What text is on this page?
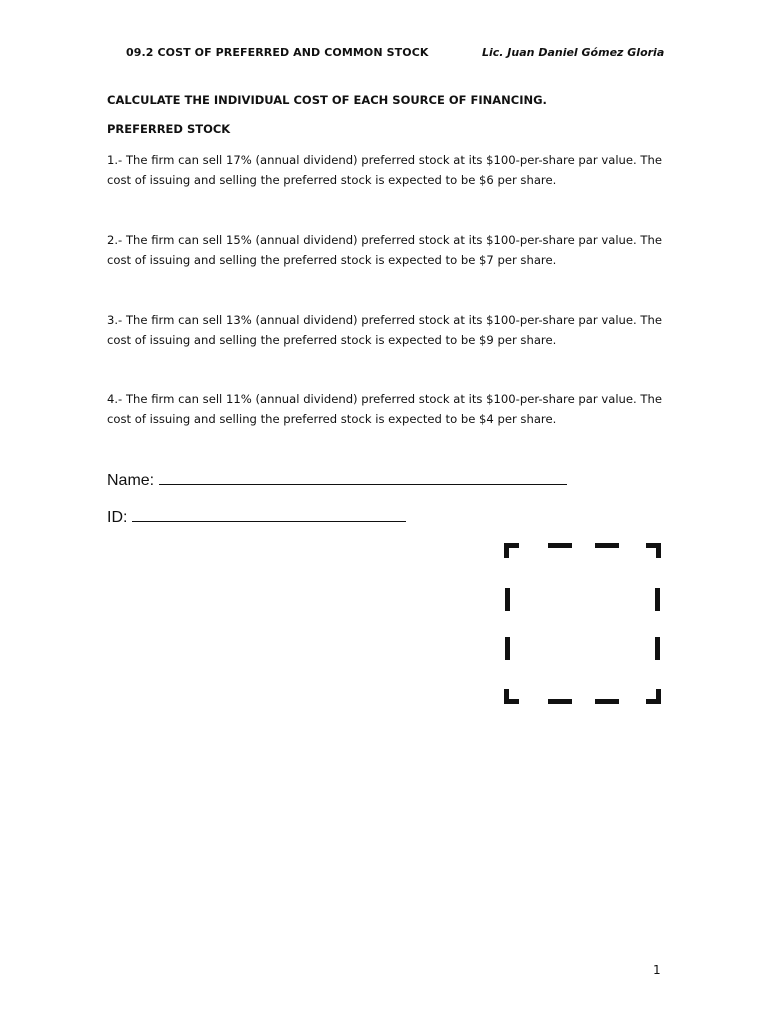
09.2 COST OF PREFERRED AND COMMON STOCK	Lic. Juan Daniel Gómez Gloria
CALCULATE THE INDIVIDUAL COST OF EACH SOURCE OF FINANCING.
PREFERRED STOCK

1.- The firm can sell 17% (annual dividend) preferred stock at its $100-per-share par value. The cost of issuing and selling the preferred stock is expected to be $6 per share.

2.- The firm can sell 15% (annual dividend) preferred stock at its $100-per-share par value. The cost of issuing and selling the preferred stock is expected to be $7 per share.

3.- The firm can sell 13% (annual dividend) preferred stock at its $100-per-share par value. The cost of issuing and selling the preferred stock is expected to be $9 per share.

4.- The firm can sell 11% (annual dividend) preferred stock at its $100-per-share par value. The cost of issuing and selling the preferred stock is expected to be $4 per share.

Name:
ID:
1
